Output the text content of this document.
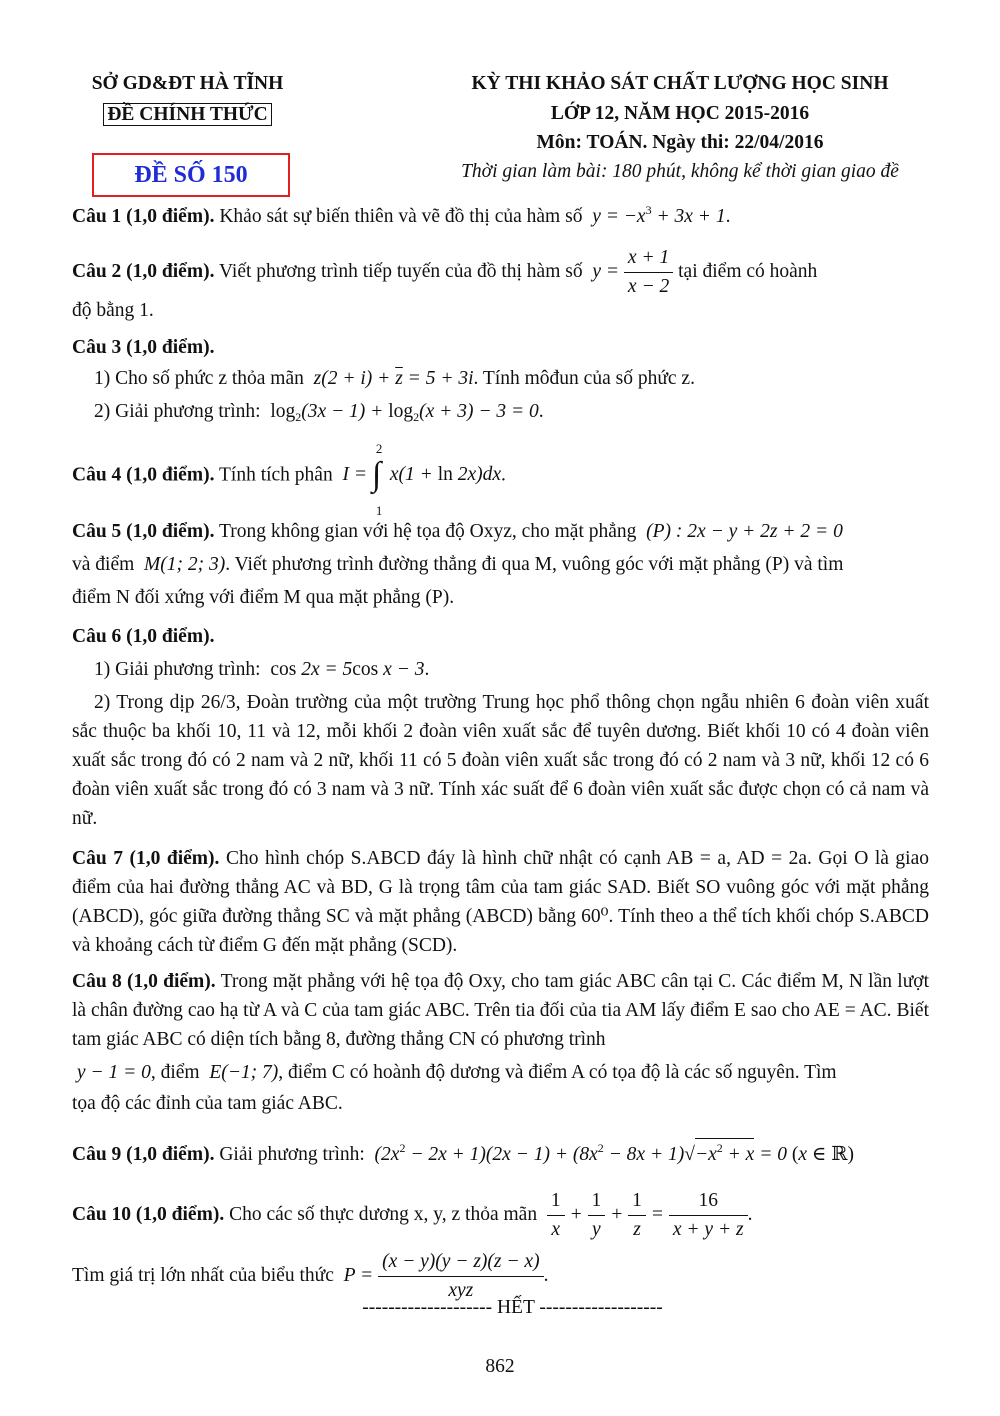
SỞ GD&ĐT HÀ TĨNH
ĐỀ CHÍNH THỨC
KỲ THI KHẢO SÁT CHẤT LƯỢNG HỌC SINH
LỚP 12, NĂM HỌC 2015-2016
Môn: TOÁN. Ngày thi: 22/04/2016
Thời gian làm bài: 180 phút, không kể thời gian giao đề
ĐỀ SỐ 150
Câu 1 (1,0 điểm). Khảo sát sự biến thiên và vẽ đồ thị của hàm số  $y = -x^3 + 3x + 1$.
Câu 2 (1,0 điểm). Viết phương trình tiếp tuyến của đồ thị hàm số  $y = \frac{x + 1}{x - 2}$ tại điểm có hoành
độ bằng 1.
Câu 3 (1,0 điểm).
1) Cho số phức z thỏa mãn  $z(2 + i) + \overline{z} = 5 + 3i$. Tính môđun của số phức z.
2) Giải phương trình: $\log_2(3x - 1) + \log_2(x + 3) - 3 = 0$.
Câu 4 (1,0 điểm). Tính tích phân  I =
2
∫
1
x(1 + ln 2x)dx.
Câu 5 (1,0 điểm). Trong không gian với hệ tọa độ Oxyz, cho mặt phẳng  (P) : 2x − y + 2z + 2 = 0
và điểm  M(1; 2; 3). Viết phương trình đường thẳng đi qua M, vuông góc với mặt phẳng (P) và tìm
điểm N đối xứng với điểm M qua mặt phẳng (P).
Câu 6 (1,0 điểm).
1) Giải phương trình: cos 2x = 5cos x − 3.
2) Trong dịp 26/3, Đoàn trường của một trường Trung học phổ thông chọn ngẫu nhiên 6 đoàn viên xuất sắc thuộc ba khối 10, 11 và 12, mỗi khối 2 đoàn viên xuất sắc để tuyên dương. Biết khối 10 có 4 đoàn viên xuất sắc trong đó có 2 nam và 2 nữ, khối 11 có 5 đoàn viên xuất sắc trong đó có 2 nam và 3 nữ, khối 12 có 6 đoàn viên xuất sắc trong đó có 3 nam và 3 nữ. Tính xác suất để 6 đoàn viên xuất sắc được chọn có cả nam và nữ.
Câu 7 (1,0 điểm). Cho hình chóp S.ABCD đáy là hình chữ nhật có cạnh AB = a, AD = 2a. Gọi O là giao điểm của hai đường thẳng AC và BD, G là trọng tâm của tam giác SAD. Biết SO vuông góc với mặt phẳng (ABCD), góc giữa đường thẳng SC và mặt phẳng (ABCD) bằng 60⁰. Tính theo a thể tích khối chóp S.ABCD và khoảng cách từ điểm G đến mặt phẳng (SCD).
Câu 8 (1,0 điểm). Trong mặt phẳng với hệ tọa độ Oxy, cho tam giác ABC cân tại C. Các điểm M, N lần lượt là chân đường cao hạ từ A và C của tam giác ABC. Trên tia đối của tia AM lấy điểm E sao cho AE = AC. Biết tam giác ABC có diện tích bằng 8, đường thẳng CN có phương trình
y − 1 = 0, điểm  E(−1; 7), điểm C có hoành độ dương và điểm A có tọa độ là các số nguyên. Tìm
tọa độ các đỉnh của tam giác ABC.
Câu 9 (1,0 điểm). Giải phương trình:  $(2x^2 - 2x + 1)(2x - 1) + (8x^2 - 8x + 1)√-x^2 + x = 0$ (x ∈ ℝ)
Câu 10 (1,0 điểm). Cho các số thực dương x, y, z thỏa mãn $\frac{1}{x} + \frac{1}{y} + \frac{1}{z} = \frac{16}{x + y + z}$ .
Tìm giá trị lớn nhất của biểu thức  $P = \frac{(x - y)(y - z)(z - x)}{\text{xyz}}$ .
-------------------- HẾT -------------------
862
